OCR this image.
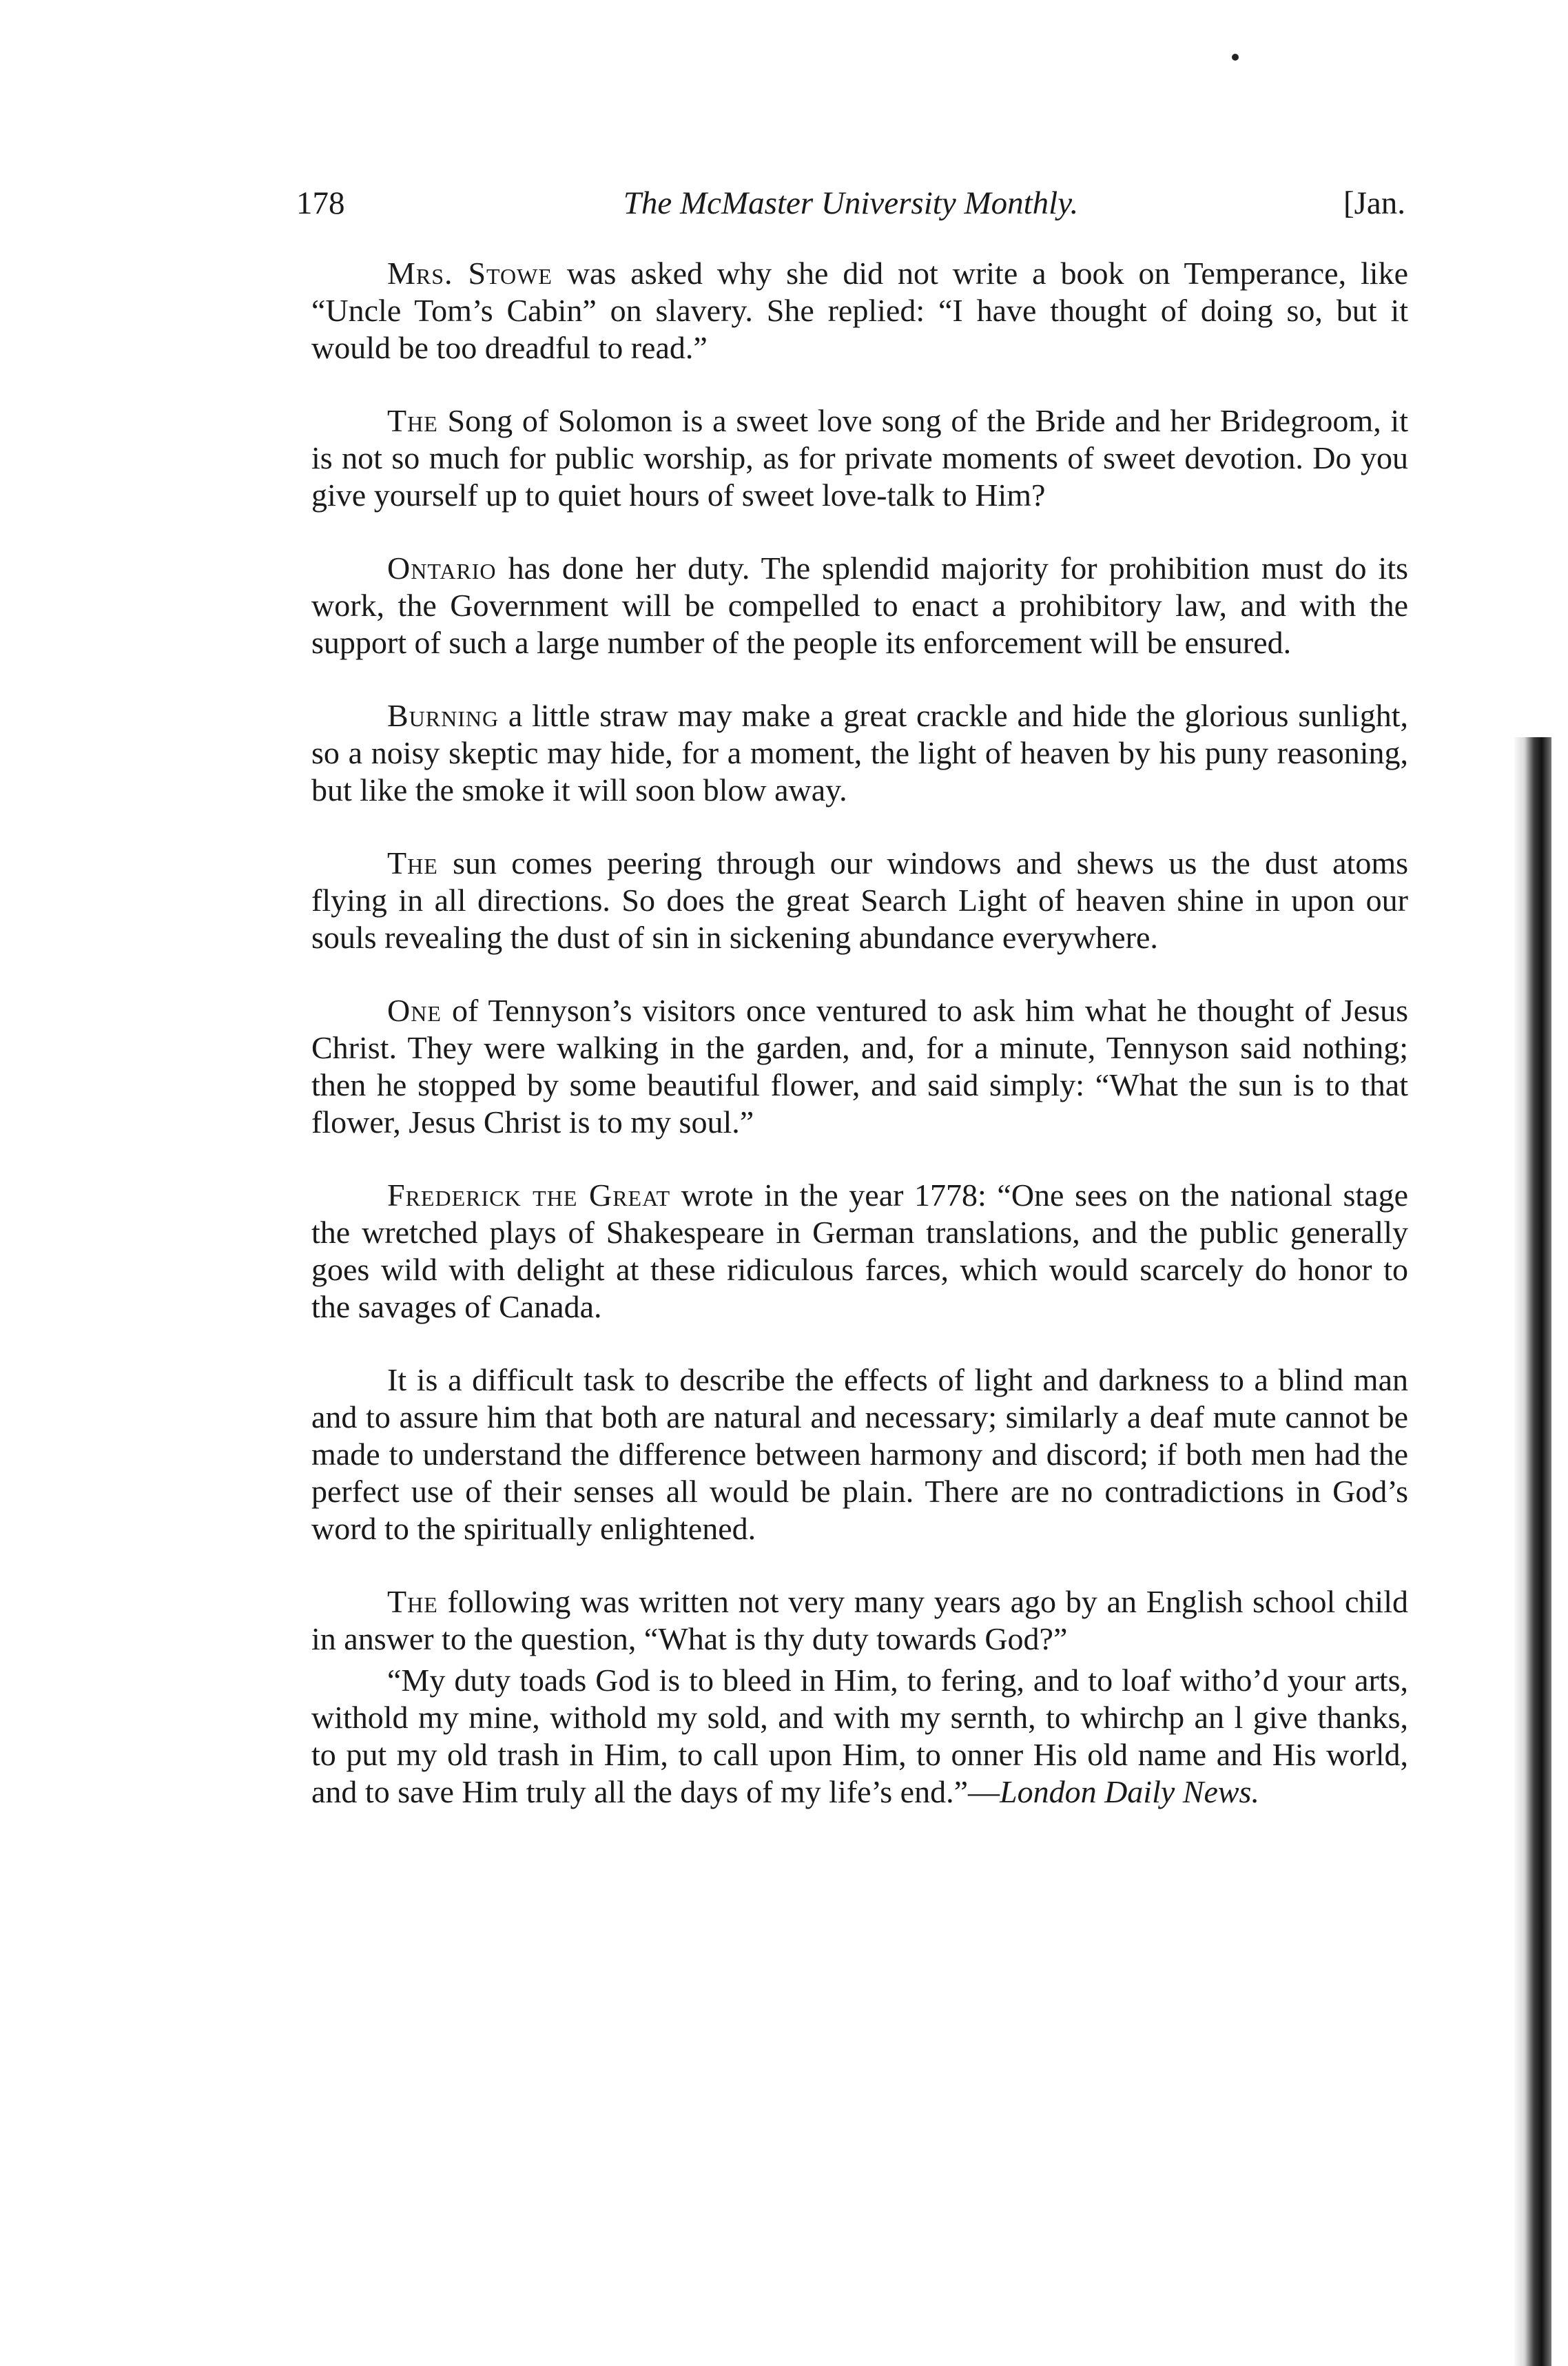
178	The McMaster University Monthly.	[Jan.

Mrs. Stowe was asked why she did not write a book on Temperance, like “Uncle Tom’s Cabin” on slavery. She replied: “I have thought of doing so, but it would be too dreadful to read.”

The Song of Solomon is a sweet love song of the Bride and her Bridegroom, it is not so much for public worship, as for private moments of sweet devotion. Do you give yourself up to quiet hours of sweet love-talk to Him?

Ontario has done her duty. The splendid majority for prohibition must do its work, the Government will be compelled to enact a prohibitory law, and with the support of such a large number of the people its enforcement will be ensured.

Burning a little straw may make a great crackle and hide the glorious sunlight, so a noisy skeptic may hide, for a moment, the light of heaven by his puny reasoning, but like the smoke it will soon blow away.

The sun comes peering through our windows and shews us the dust atoms flying in all directions. So does the great Search Light of heaven shine in upon our souls revealing the dust of sin in sickening abundance everywhere.

One of Tennyson’s visitors once ventured to ask him what he thought of Jesus Christ. They were walking in the garden, and, for a minute, Tennyson said nothing; then he stopped by some beautiful flower, and said simply: “What the sun is to that flower, Jesus Christ is to my soul.”

Frederick the Great wrote in the year 1778: “One sees on the national stage the wretched plays of Shakespeare in German translations, and the public generally goes wild with delight at these ridiculous farces, which would scarcely do honor to the savages of Canada.

It is a difficult task to describe the effects of light and darkness to a blind man and to assure him that both are natural and necessary; similarly a deaf mute cannot be made to understand the difference between harmony and discord; if both men had the perfect use of their senses all would be plain. There are no contradictions in God’s word to the spiritually enlightened.

The following was written not very many years ago by an English school child in answer to the question, “What is thy duty towards God?”

“My duty toads God is to bleed in Him, to fering, and to loaf witho’d your arts, withold my mine, withold my sold, and with my sernth, to whirchp an l give thanks, to put my old trash in Him, to call upon Him, to onner His old name and His world, and to save Him truly all the days of my life’s end.”—London Daily News.
